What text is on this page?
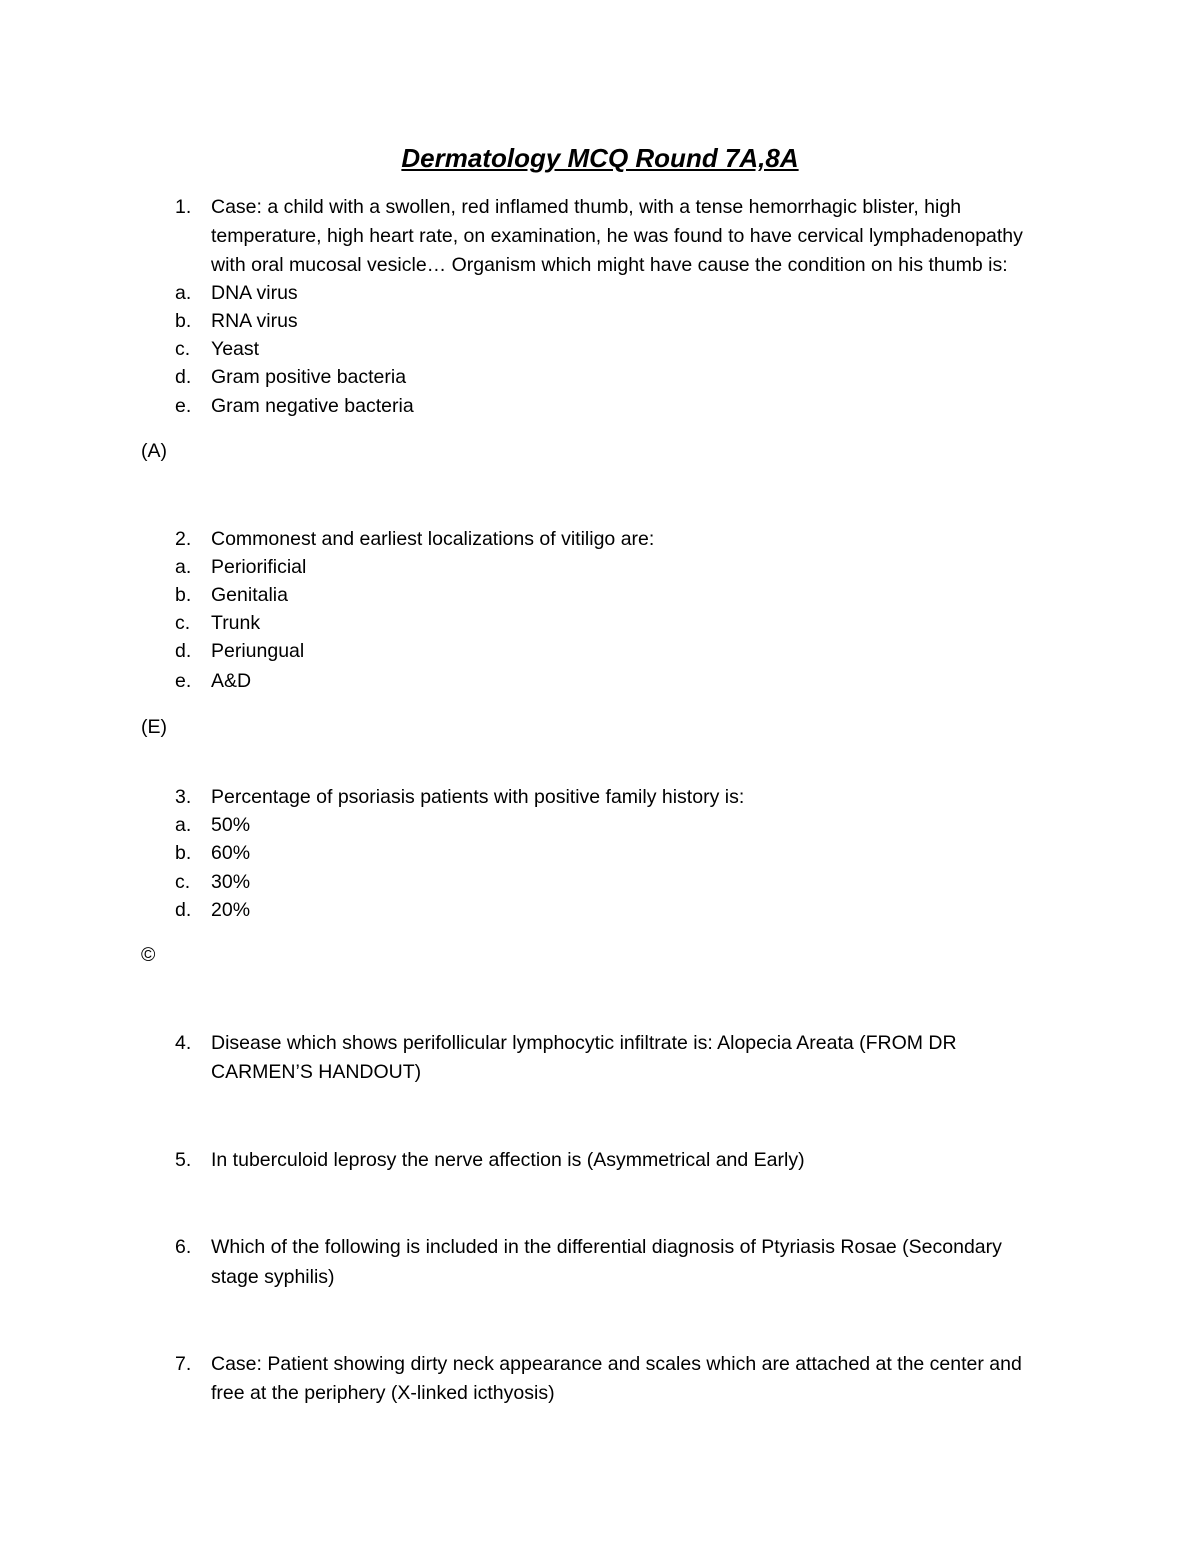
Dermatology MCQ Round 7A,8A
1.	Case: a child with a swollen, red inflamed thumb, with a tense hemorrhagic blister, high
temperature, high heart rate, on examination, he was found to have cervical lymphadenopathy
with oral mucosal vesicle… Organism which might have cause the condition on his thumb is:
a.	DNA virus
b.	RNA virus
c.	Yeast
d.	Gram positive bacteria
e.	Gram negative bacteria
(A)
2.	Commonest and earliest localizations of vitiligo are:
a.	Periorificial
b.	Genitalia
c.	Trunk
d.	Periungual
e.	A&D
(E)
3.	Percentage of psoriasis patients with positive family history is:
a.	50%
b.	60%
c.	30%
d.	20%
©
4.	Disease which shows perifollicular lymphocytic infiltrate is: Alopecia Areata (FROM DR
CARMEN’S HANDOUT)
5.	In tuberculoid leprosy the nerve affection is (Asymmetrical and Early)
6.	Which of the following is included in the differential diagnosis of Ptyriasis Rosae (Secondary
stage syphilis)
7.	Case: Patient showing dirty neck appearance and scales which are attached at the center and
free at the periphery (X-linked icthyosis)
